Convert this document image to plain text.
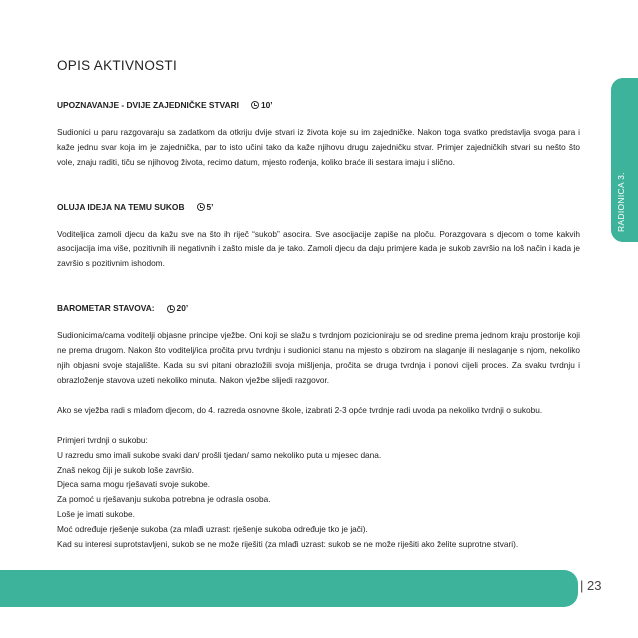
RADIONICA 3.
OPIS AKTIVNOSTI
UPOZNAVANJE - DVIJE ZAJEDNIČKE STVARI	10’

Sudionici u paru razgovaraju sa zadatkom da otkriju dvije stvari iz života koje su im zajedničke. Nakon toga svatko predstavlja svoga para i kaže jednu svar koja im je zajednička, par to isto učini tako da kaže njihovu drugu zajedničku stvar. Primjer zajedničkih stvari su nešto što vole, znaju raditi, tiču se njihovog života, recimo datum, mjesto rođenja, koliko braće ili sestara imaju i slično.

OLUJA IDEJA NA TEMU SUKOB	5’

Voditeljica zamoli djecu da kažu sve na što ih riječ “sukob” asocira. Sve asocijacije zapiše na ploču. Porazgovara s djecom o tome kakvih asocijacija ima više, pozitivnih ili negativnih i zašto misle da je tako. Zamoli djecu da daju primjere kada je sukob završio na loš način i kada je završio s pozitivnim ishodom.

BAROMETAR STAVOVA:	20’

Sudionicima/cama voditelji objasne principe vježbe. Oni koji se slažu s tvrdnjom pozicioniraju se od sredine prema jednom kraju prostorije koji ne prema drugom. Nakon što voditelj/ica pročita prvu tvrdnju i sudionici stanu na mjesto s obzirom na slaganje ili neslaganje s njom, nekoliko njih objasni svoje stajalište. Kada su svi pitani obrazložili svoja mišljenja, pročita se druga tvrdnja i ponovi cijeli proces. Za svaku tvrdnju i obrazloženje stavova uzeti nekoliko minuta. Nakon vježbe slijedi razgovor.

Ako se vježba radi s mlađom djecom, do 4. razreda osnovne škole, izabrati 2-3 opće tvrdnje radi uvoda pa nekoliko tvrdnji o sukobu.

Primjeri tvrdnji o sukobu:

U razredu smo imali sukobe svaki dan/ prošli tjedan/ samo nekoliko puta u mjesec dana.

Znaš nekog čiji je sukob loše završio.

Djeca sama mogu rješavati svoje sukobe.

Za pomoć u rješavanju sukoba potrebna je odrasla osoba.

Loše je imati sukobe.

Moć određuje rješenje sukoba (za mlađi uzrast: rješenje sukoba određuje tko je jači).

Kad su interesi suprotstavljeni, sukob se ne može riješiti (za mlađi uzrast: sukob se ne može riješiti ako želite suprotne stvari).

| 23
